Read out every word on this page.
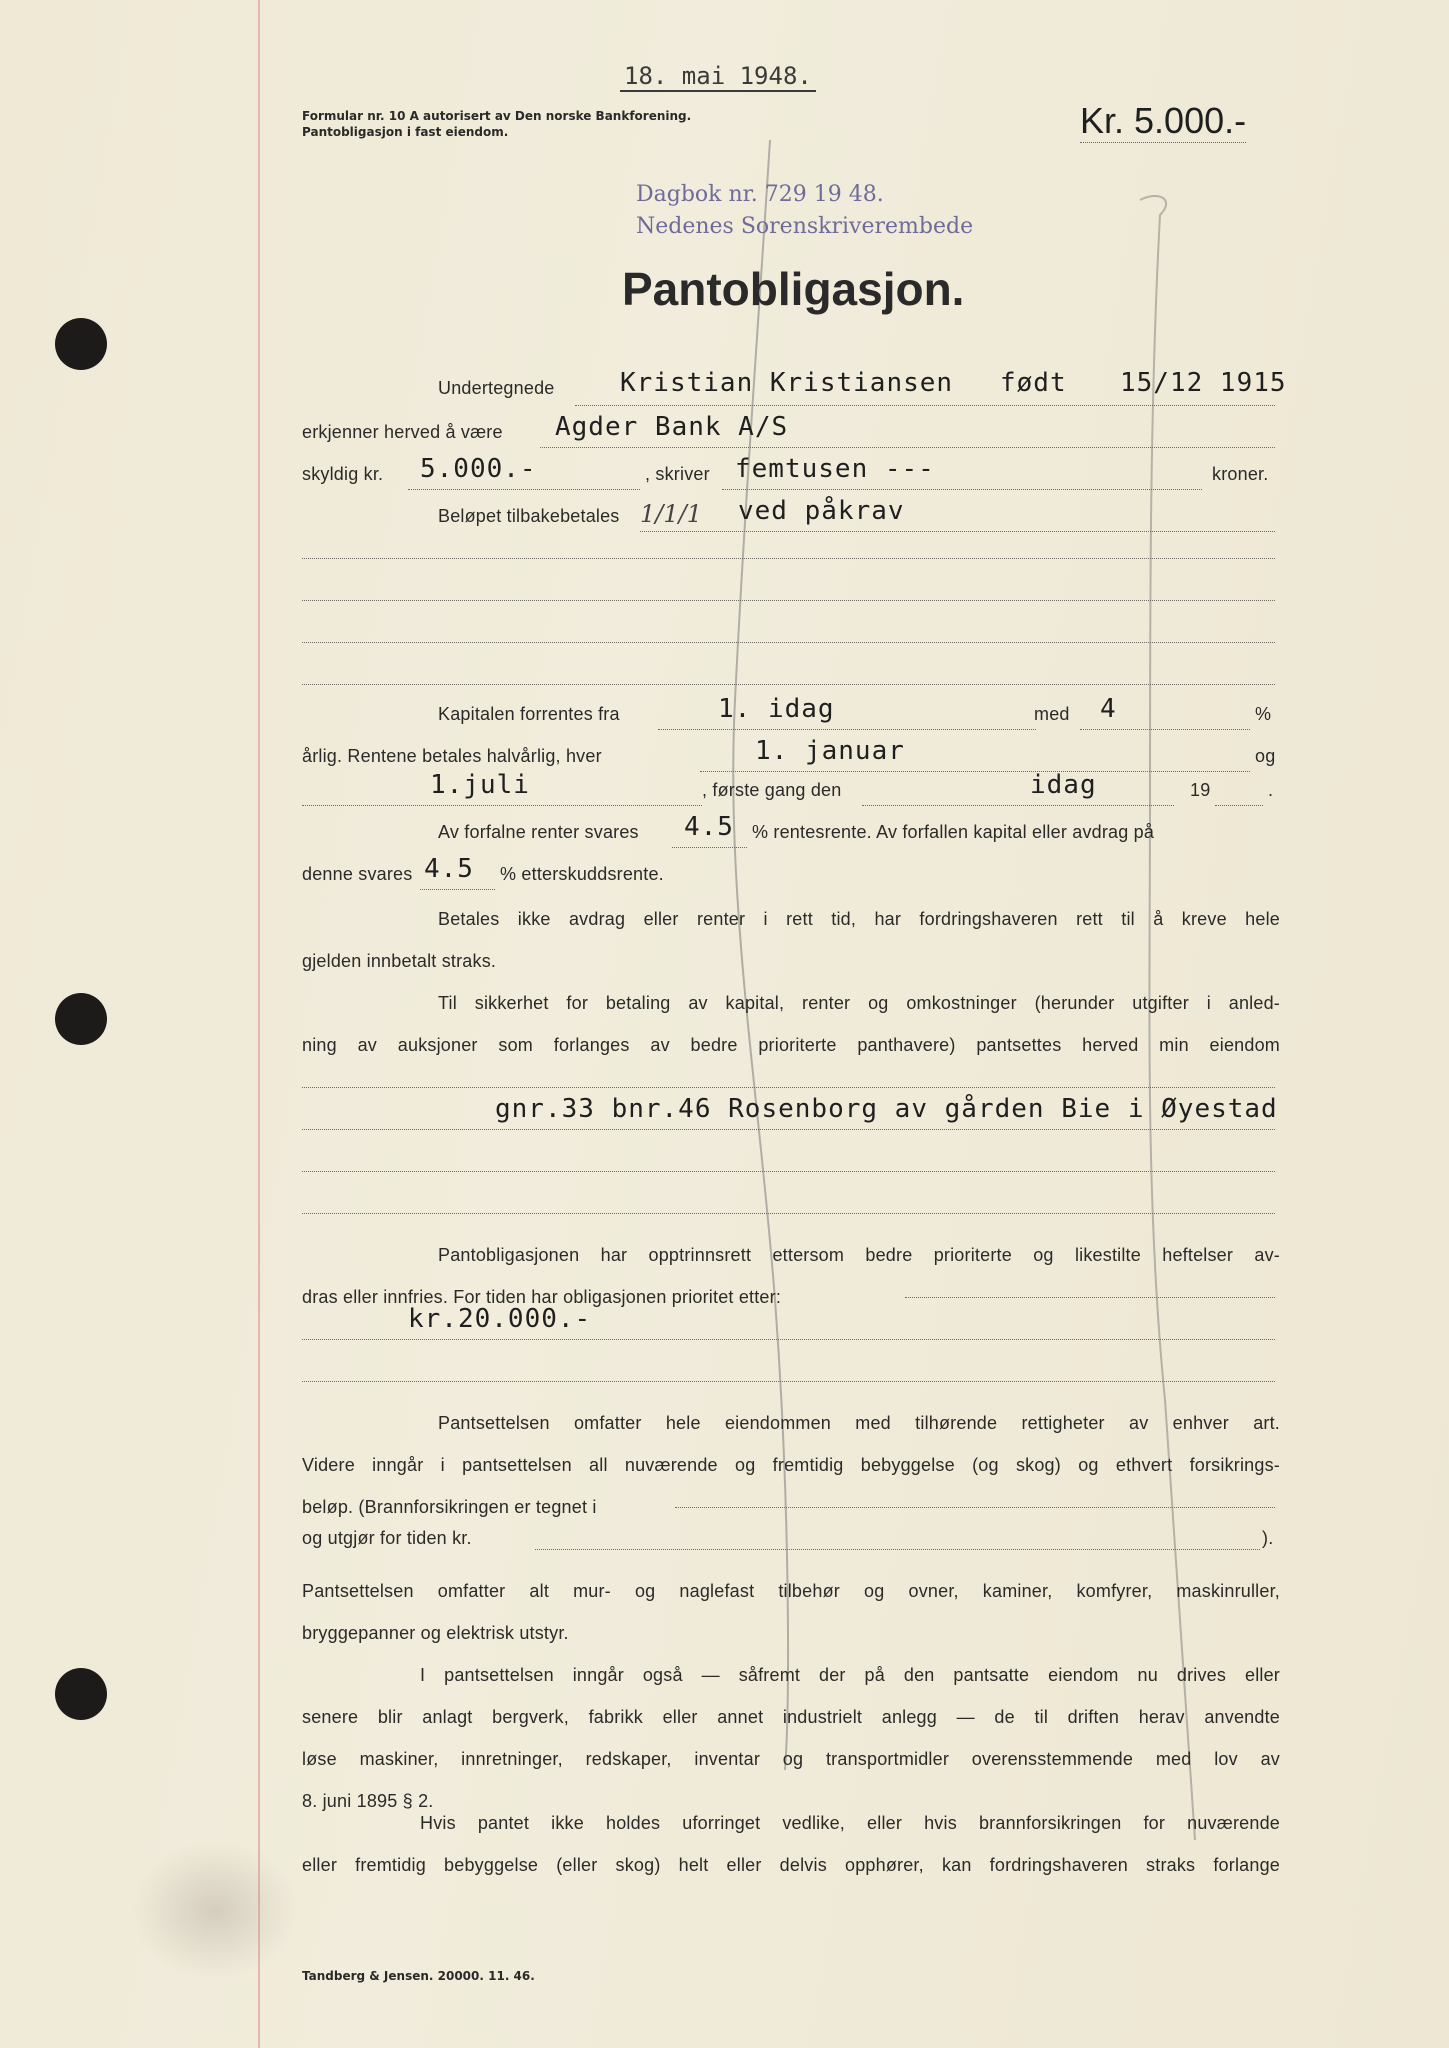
18. mai 1948.
Formular nr. 10 A autorisert av Den norske Bankforening.
Pantobligasjon i fast eiendom.	Kr. 5.000.-
Dagbok nr. 729 19 48.
Nedenes Sorenskriverembede
Pantobligasjon.
Undertegnede	Kristian Kristiansen født 15/12 1915
erkjenner herved å være Agder Bank A/S
skyldig kr. 5.000.-	, skriver femtusen ---	kroner.
Beløpet tilbakebetales 1/1/1 ved påkrav
Kapitalen forrentes fra	1. idag	med 4	%
årlig. Rentene betales halvårlig, hver	1. januar	og
1.juli	, første gang den	idag	19	.
Av forfalne renter svares 4.5 % rentesrente. Av forfallen kapital eller avdrag på
denne svares 4.5 % etterskuddsrente.
Betales ikke avdrag eller renter i rett tid, har fordringshaveren rett til å kreve hele
gjelden innbetalt straks.
Til sikkerhet for betaling av kapital, renter og omkostninger (herunder utgifter i anled-
ning av auksjoner som forlanges av bedre prioriterte panthavere) pantsettes herved min eiendom
gnr.33 bnr.46 Rosenborg av gården Bie i Øyestad
Pantobligasjonen har opptrinnsrett ettersom bedre prioriterte og likestilte heftelser av-
dras eller innfries. For tiden har obligasjonen prioritet etter:
kr.20.000.-
Pantsettelsen omfatter hele eiendommen med tilhørende rettigheter av enhver art.
Videre inngår i pantsettelsen all nuværende og fremtidig bebyggelse (og skog) og ethvert forsikrings-
beløp. (Brannforsikringen er tegnet i
og utgjør for tiden kr.	).
Pantsettelsen omfatter alt mur- og naglefast tilbehør og ovner, kaminer, komfyrer, maskinruller,
bryggepanner og elektrisk utstyr.
I pantsettelsen inngår også — såfremt der på den pantsatte eiendom nu drives eller
senere blir anlagt bergverk, fabrikk eller annet industrielt anlegg — de til driften herav anvendte
løse maskiner, innretninger, redskaper, inventar og transportmidler overensstemmende med lov av
8. juni 1895 § 2.
Hvis pantet ikke holdes uforringet vedlike, eller hvis brannforsikringen for nuværende
eller fremtidig bebyggelse (eller skog) helt eller delvis opphører, kan fordringshaveren straks forlange
Tandberg & Jensen. 20000. 11. 46.
